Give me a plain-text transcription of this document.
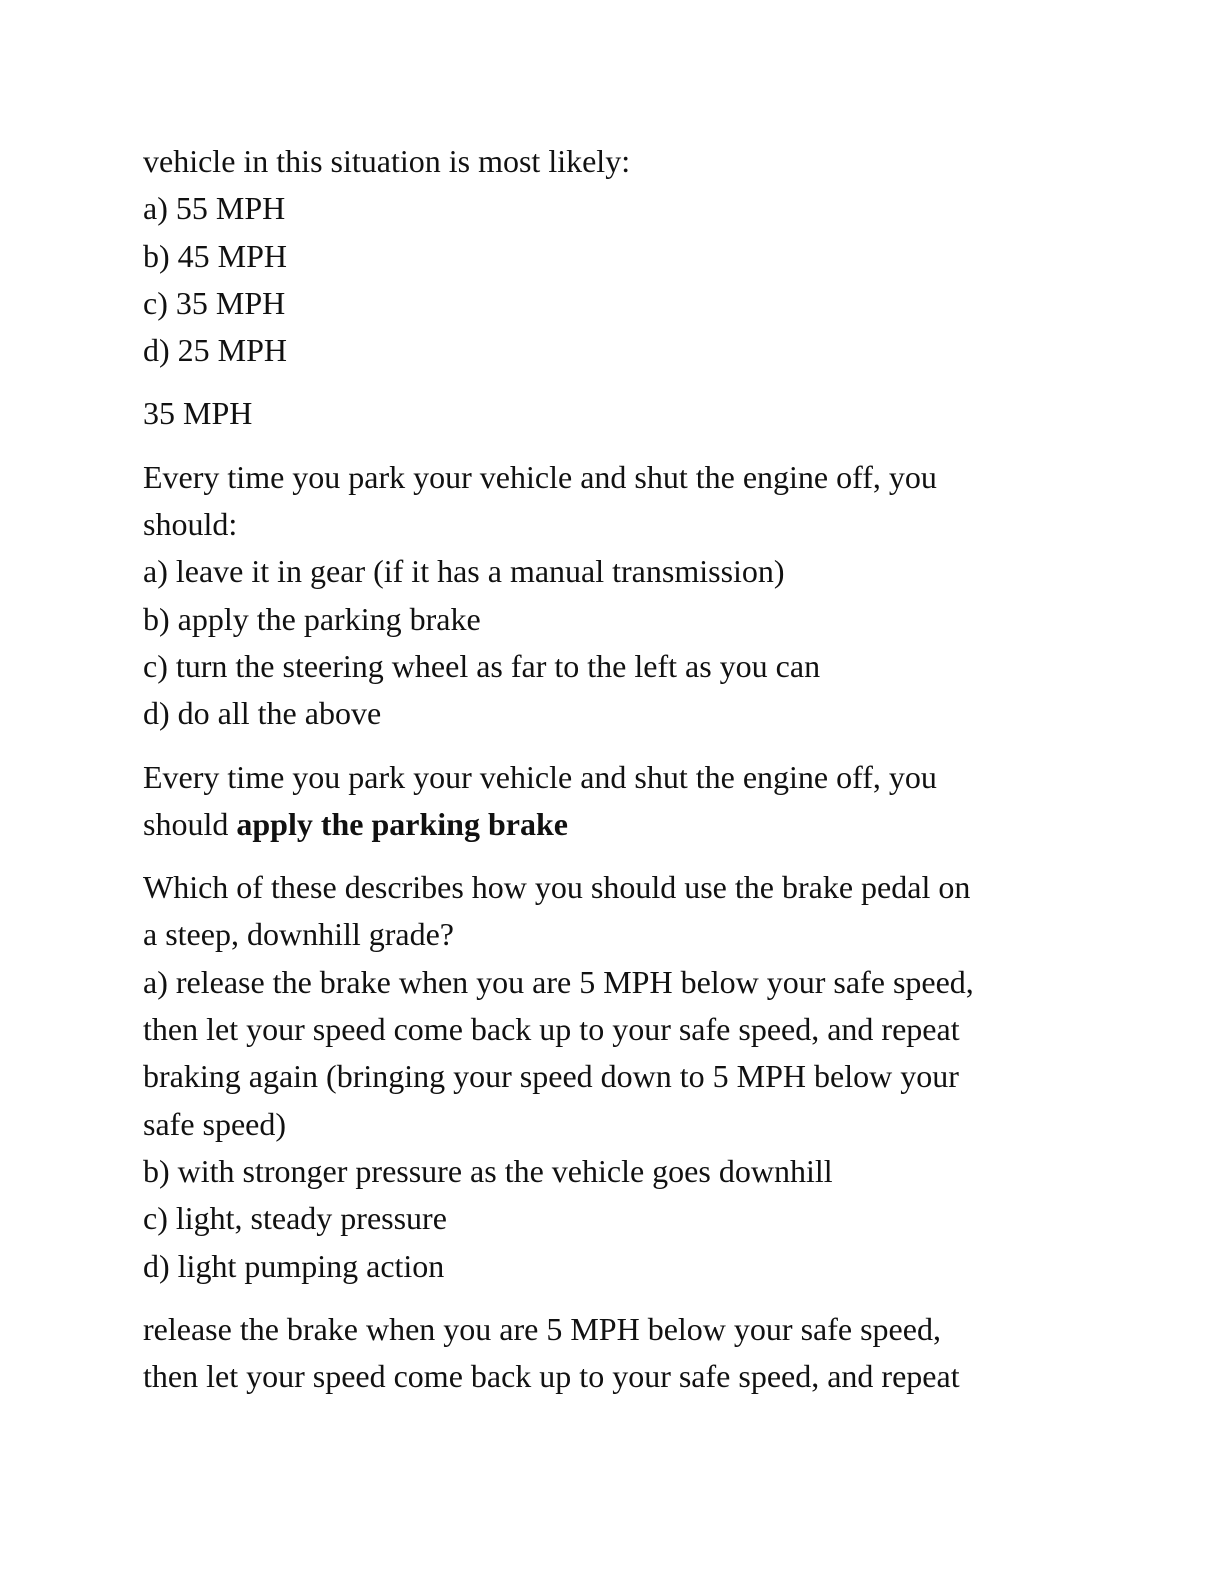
vehicle in this situation is most likely:
a) 55 MPH
b) 45 MPH
c) 35 MPH
d) 25 MPH
35 MPH
Every time you park your vehicle and shut the engine off, you
should:
a) leave it in gear (if it has a manual transmission)
b) apply the parking brake
c) turn the steering wheel as far to the left as you can
d) do all the above
Every time you park your vehicle and shut the engine off, you
should apply the parking brake
Which of these describes how you should use the brake pedal on
a steep, downhill grade?
a) release the brake when you are 5 MPH below your safe speed,
then let your speed come back up to your safe speed, and repeat
braking again (bringing your speed down to 5 MPH below your
safe speed)
b) with stronger pressure as the vehicle goes downhill
c) light, steady pressure
d) light pumping action
release the brake when you are 5 MPH below your safe speed,
then let your speed come back up to your safe speed, and repeat
